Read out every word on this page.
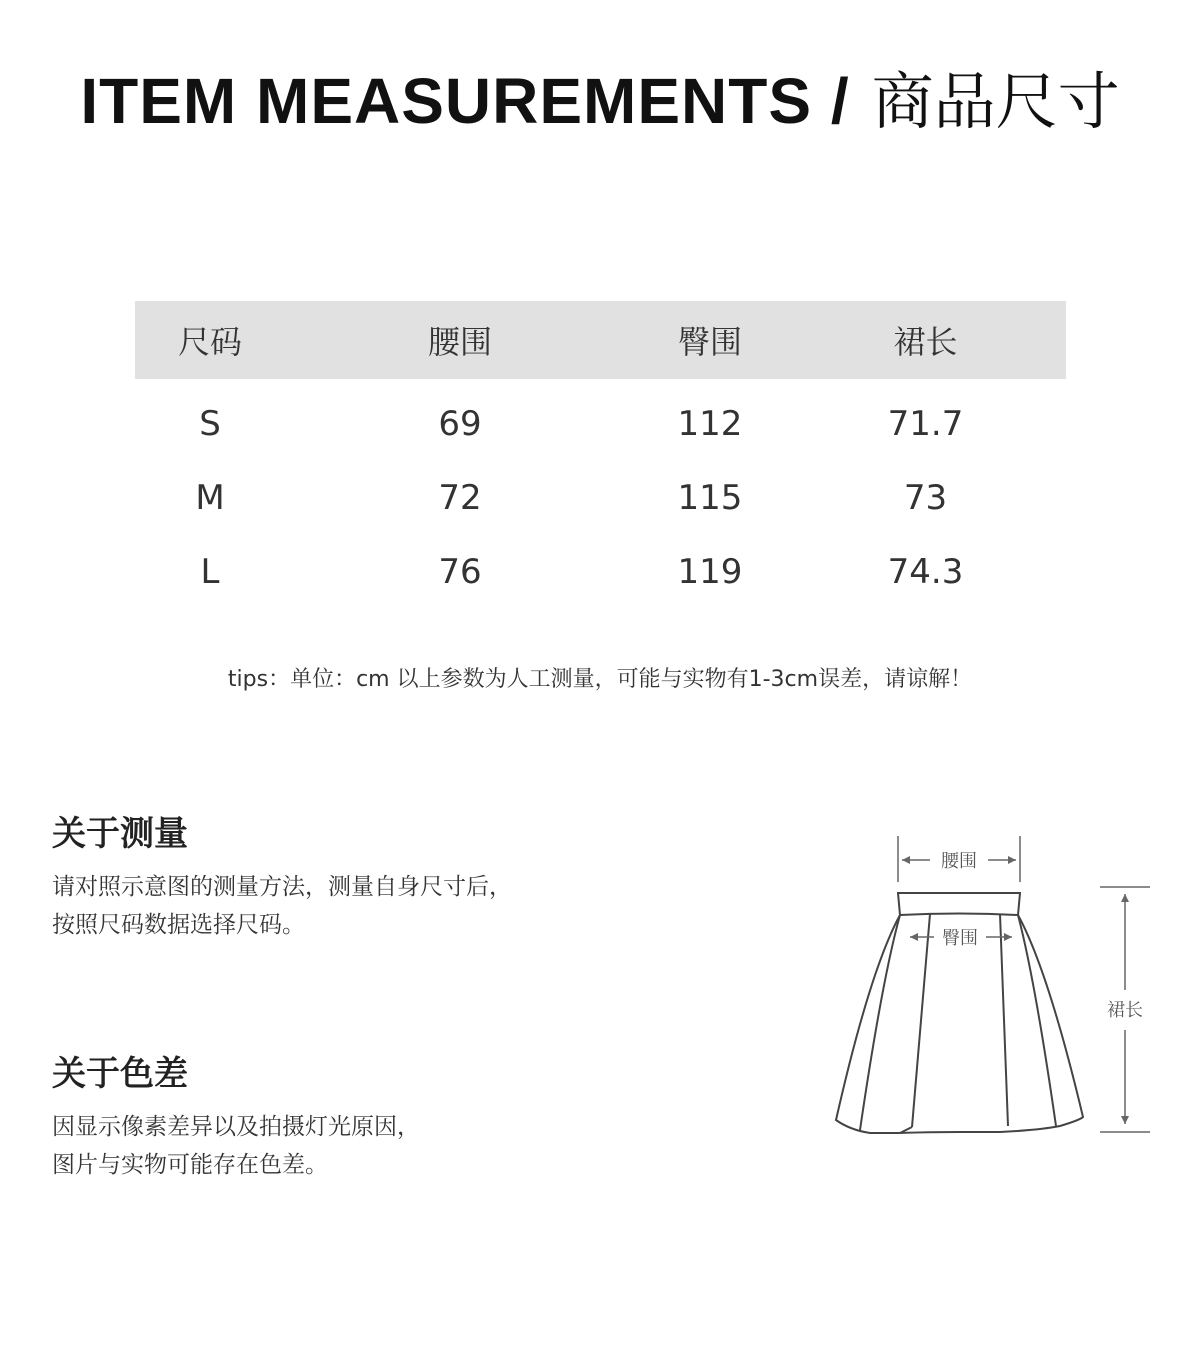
ITEM MEASUREMENTS / 商品尺寸
尺码	腰围	臀围	裙长
S	69	112	71.7
M	72	115	73
L	76	119	74.3
tips：单位：cm 以上参数为人工测量，可能与实物有1-3cm误差，请谅解！
关于测量
请对照示意图的测量方法，测量自身尺寸后，
按照尺码数据选择尺码。
关于色差
因显示像素差异以及拍摄灯光原因，
图片与实物可能存在色差。
腰围
臀围
裙长
